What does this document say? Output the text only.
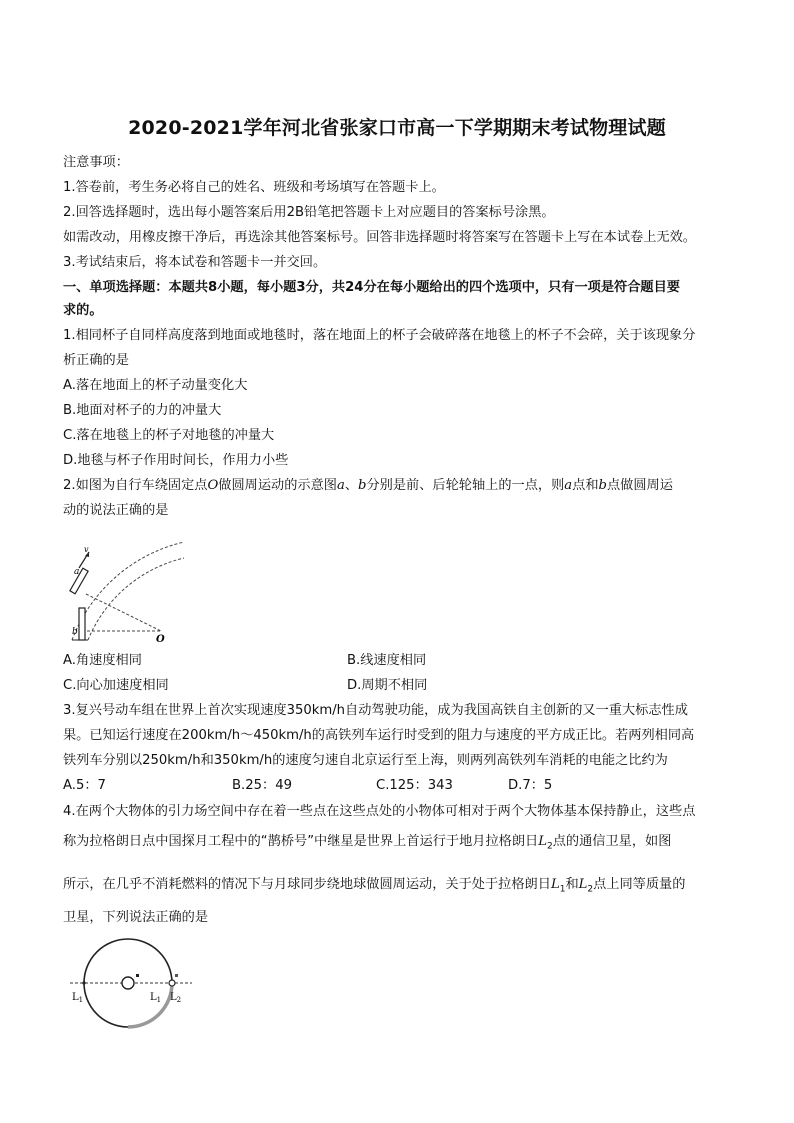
2020-2021学年河北省张家口市高一下学期期末考试物理试题
注意事项：
1.答卷前，考生务必将自己的姓名、班级和考场填写在答题卡上。
2.回答选择题时，选出每小题答案后用2B铅笔把答题卡上对应题目的答案标号涂黑。
如需改动，用橡皮擦干净后，再选涂其他答案标号。回答非选择题时将答案写在答题卡上写在本试卷上无效。
3.考试结束后，将本试卷和答题卡一并交回。
一、单项选择题：本题共8小题，每小题3分，共24分在每小题给出的四个选项中，只有一项是符合题目要
求的。
1.相同杯子自同样高度落到地面或地毯时，落在地面上的杯子会破碎落在地毯上的杯子不会碎，关于该现象分
析正确的是
A.落在地面上的杯子动量变化大
B.地面对杯子的力的冲量大
C.落在地毯上的杯子对地毯的冲量大
D.地毯与杯子作用时间长，作用力小些
2.如图为自行车绕固定点O做圆周运动的示意图a、b分别是前、后轮轮轴上的一点，则a点和b点做圆周运
动的说法正确的是
v
a
b
O
A.角速度相同	B.线速度相同
C.向心加速度相同	D.周期不相同
3.复兴号动车组在世界上首次实现速度350km/h自动驾驶功能，成为我国高铁自主创新的又一重大标志性成
果。已知运行速度在200km/h～450km/h的高铁列车运行时受到的阻力与速度的平方成正比。若两列相同高
铁列车分别以250km/h和350km/h的速度匀速自北京运行至上海，则两列高铁列车消耗的电能之比约为
A.5：7	B.25：49	C.125：343	D.7：5
4.在两个大物体的引力场空间中存在着一些点在这些点处的小物体可相对于两个大物体基本保持静止，这些点
称为拉格朗日点中国探月工程中的“鹊桥号”中继星是世界上首运行于地月拉格朗日$L_2$点的通信卫星，如图
所示，在几乎不消耗燃料的情况下与月球同步绕地球做圆周运动，关于处于拉格朗日$L_1$和$L_2$点上同等质量的
卫星，下列说法正确的是
$L_1$	$L_1$ $L_2$
